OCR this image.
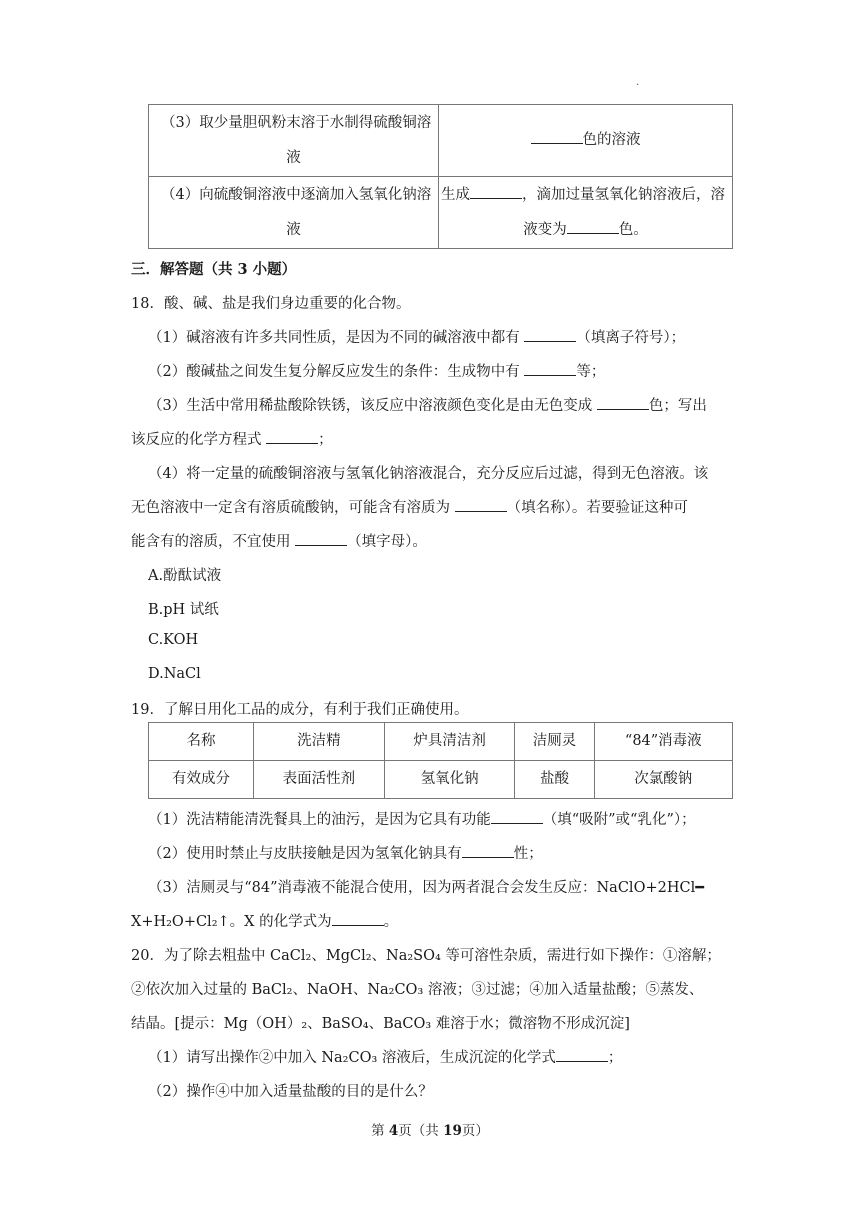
·
（3）取少量胆矾粉末溶于水制得硫酸铜溶
液	色的溶液

（4）向硫酸铜溶液中逐滴加入氢氧化钠溶
液	生成 ，滴加过量氢氧化钠溶液后，溶
液变为 色。
三．解答题（共 3 小题）
18．酸、碱、盐是我们身边重要的化合物。
（1）碱溶液有许多共同性质，是因为不同的碱溶液中都有	（填离子符号）；
（2）酸碱盐之间发生复分解反应发生的条件：生成物中有	等；
（3）生活中常用稀盐酸除铁锈，该反应中溶液颜色变化是由无色变成	色；写出
该反应的化学方程式	；
（4）将一定量的硫酸铜溶液与氢氧化钠溶液混合，充分反应后过滤，得到无色溶液。该
无色溶液中一定含有溶质硫酸钠，可能含有溶质为	（填名称）。若要验证这种可
能含有的溶质，不宜使用	（填字母）。
A.酚酞试液
B.pH 试纸
C.KOH
D.NaCl
19．了解日用化工品的成分，有利于我们正确使用。
名称	洗洁精	炉具清洁剂	洁厕灵	“84”消毒液
有效成分	表面活性剂	氢氧化钠	盐酸	次氯酸钠
（1）洗洁精能清洗餐具上的油污，是因为它具有功能	（填“吸附”或“乳化”）；
（2）使用时禁止与皮肤接触是因为氢氧化钠具有	性；
（3）洁厕灵与“84”消毒液不能混合使用，因为两者混合会发生反应：NaClO+2HCl━
X+H₂O+Cl₂↑。X 的化学式为	。
20．为了除去粗盐中 CaCl₂、MgCl₂、Na₂SO₄ 等可溶性杂质，需进行如下操作：①溶解；
②依次加入过量的 BaCl₂、NaOH、Na₂CO₃ 溶液；③过滤；④加入适量盐酸；⑤蒸发、
结晶。[提示：Mg（OH）₂、BaSO₄、BaCO₃ 难溶于水；微溶物不形成沉淀]
（1）请写出操作②中加入 Na₂CO₃ 溶液后，生成沉淀的化学式	；
（2）操作④中加入适量盐酸的目的是什么？
第 4页（共 19页）
